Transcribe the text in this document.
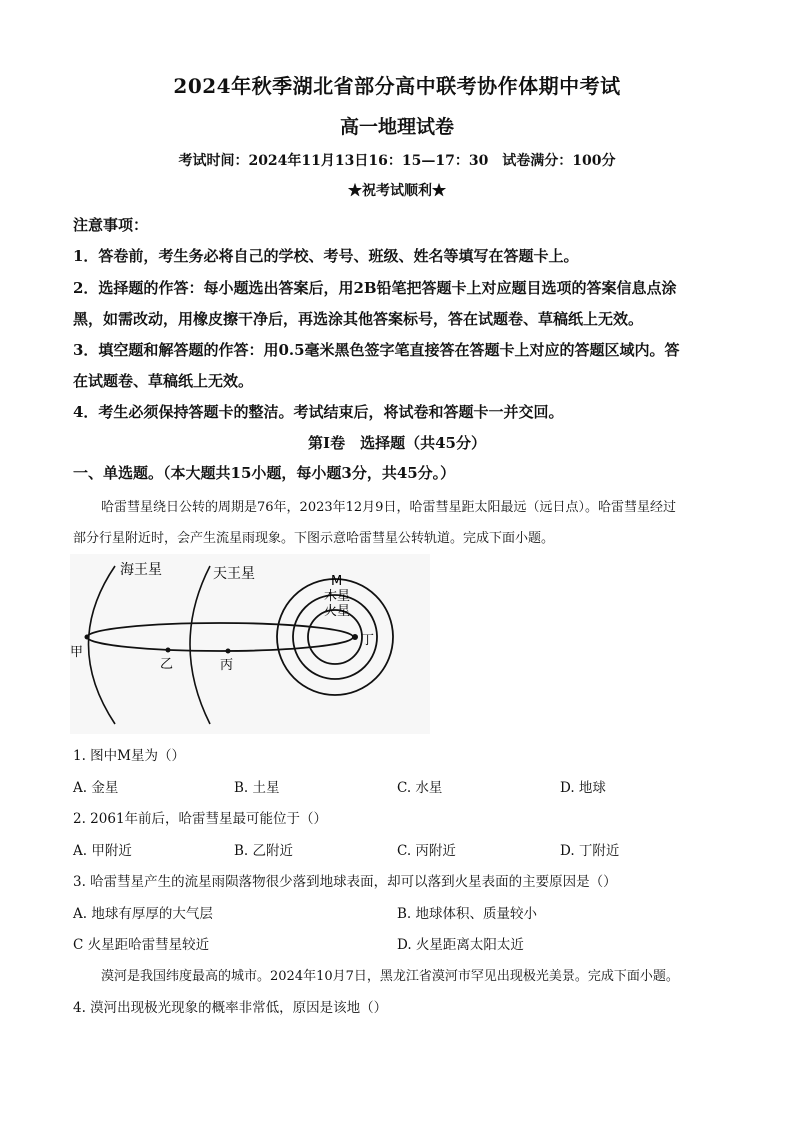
2024年秋季湖北省部分高中联考协作体期中考试
高一地理试卷
考试时间：2024年11月13日16：15—17：30　试卷满分：100分
★祝考试顺利★
注意事项：
1．答卷前，考生务必将自己的学校、考号、班级、姓名等填写在答题卡上。
2．选择题的作答：每小题选出答案后，用2B铅笔把答题卡上对应题目选项的答案信息点涂
黑，如需改动，用橡皮擦干净后，再选涂其他答案标号，答在试题卷、草稿纸上无效。
3．填空题和解答题的作答：用0.5毫米黑色签字笔直接答在答题卡上对应的答题区域内。答
在试题卷、草稿纸上无效。
4．考生必须保持答题卡的整洁。考试结束后，将试卷和答题卡一并交回。
第Ⅰ卷　选择题（共45分）
一、单选题。（本大题共15小题，每小题3分，共45分。）
哈雷彗星绕日公转的周期是76年，2023年12月9日，哈雷彗星距太阳最远（远日点）。哈雷彗星经过
部分行星附近时，会产生流星雨现象。下图示意哈雷彗星公转轨道。完成下面小题。
海王星	天王星	M
木星
火星
甲
乙	丙
丁
1. 图中M星为（）
A. 金星	B. 土星	C. 水星	D. 地球
2. 2061年前后，哈雷彗星最可能位于（）
A. 甲附近	B. 乙附近	C. 丙附近	D. 丁附近
3. 哈雷彗星产生的流星雨陨落物很少落到地球表面，却可以落到火星表面的主要原因是（）
A. 地球有厚厚的大气层	B. 地球体积、质量较小
C 火星距哈雷彗星较近	D. 火星距离太阳太近
漠河是我国纬度最高的城市。2024年10月7日，黑龙江省漠河市罕见出现极光美景。完成下面小题。
4. 漠河出现极光现象的概率非常低，原因是该地（）
